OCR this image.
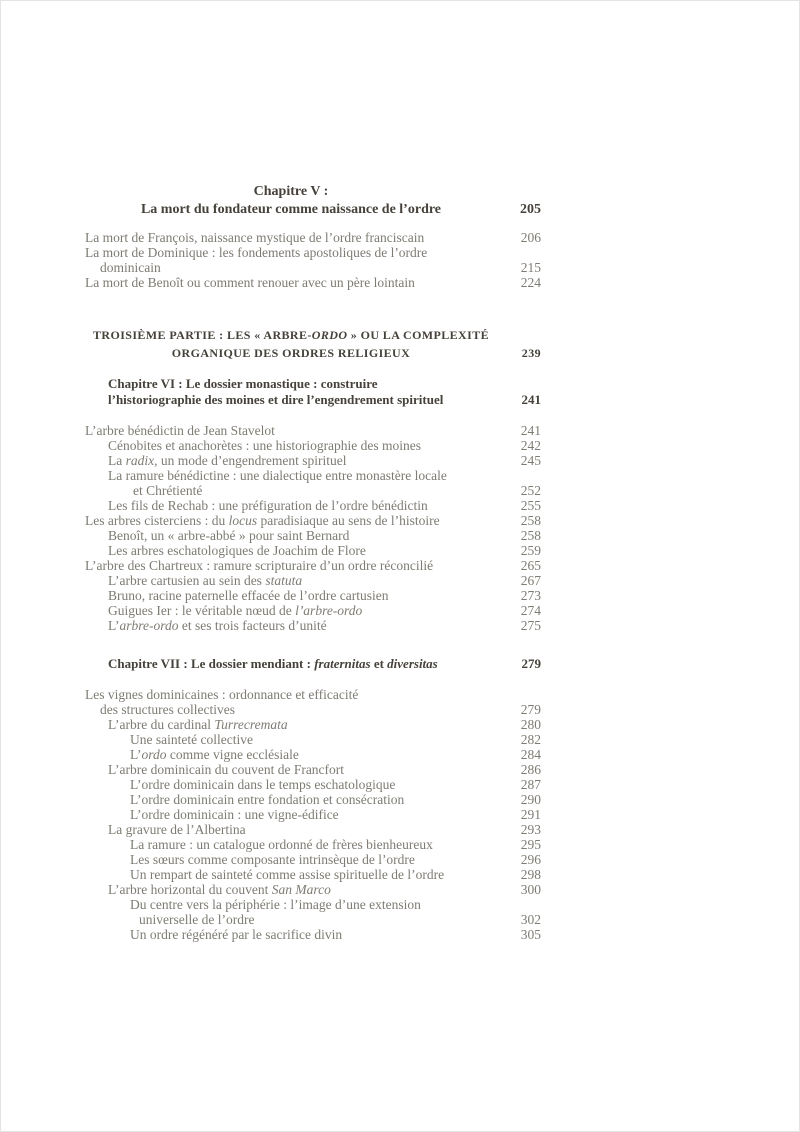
Chapitre V :
La mort du fondateur comme naissance de l’ordre	205
La mort de François, naissance mystique de l’ordre franciscain	206
La mort de Dominique : les fondements apostoliques de l’ordre
dominicain	215
La mort de Benoît ou comment renouer avec un père lointain	224
TROISIÈME PARTIE : LES « ARBRE-ORDO » OU LA COMPLEXITÉ
ORGANIQUE DES ORDRES RELIGIEUX	239
Chapitre VI : Le dossier monastique : construire
l’historiographie des moines et dire l’engendrement spirituel	241
L’arbre bénédictin de Jean Stavelot	241
Cénobites et anachorètes : une historiographie des moines	242
La radix, un mode d’engendrement spirituel	245
La ramure bénédictine : une dialectique entre monastère locale
et Chrétienté	252
Les fils de Rechab : une préfiguration de l’ordre bénédictin	255
Les arbres cisterciens : du locus paradisiaque au sens de l’histoire	258
Benoît, un « arbre-abbé » pour saint Bernard	258
Les arbres eschatologiques de Joachim de Flore	259
L’arbre des Chartreux : ramure scripturaire d’un ordre réconcilié	265
L’arbre cartusien au sein des statuta	267
Bruno, racine paternelle effacée de l’ordre cartusien	273
Guigues Ier : le véritable nœud de l’arbre-ordo	274
L’arbre-ordo et ses trois facteurs d’unité	275
Chapitre VII : Le dossier mendiant : fraternitas et diversitas	279
Les vignes dominicaines : ordonnance et efficacité
des structures collectives	279
L’arbre du cardinal Turrecremata	280
Une sainteté collective	282
L’ordo comme vigne ecclésiale	284
L’arbre dominicain du couvent de Francfort	286
L’ordre dominicain dans le temps eschatologique	287
L’ordre dominicain entre fondation et consécration	290
L’ordre dominicain : une vigne-édifice	291
La gravure de l’Albertina	293
La ramure : un catalogue ordonné de frères bienheureux	295
Les sœurs comme composante intrinsèque de l’ordre	296
Un rempart de sainteté comme assise spirituelle de l’ordre	298
L’arbre horizontal du couvent San Marco	300
Du centre vers la périphérie : l’image d’une extension
universelle de l’ordre	302
Un ordre régénéré par le sacrifice divin	305
